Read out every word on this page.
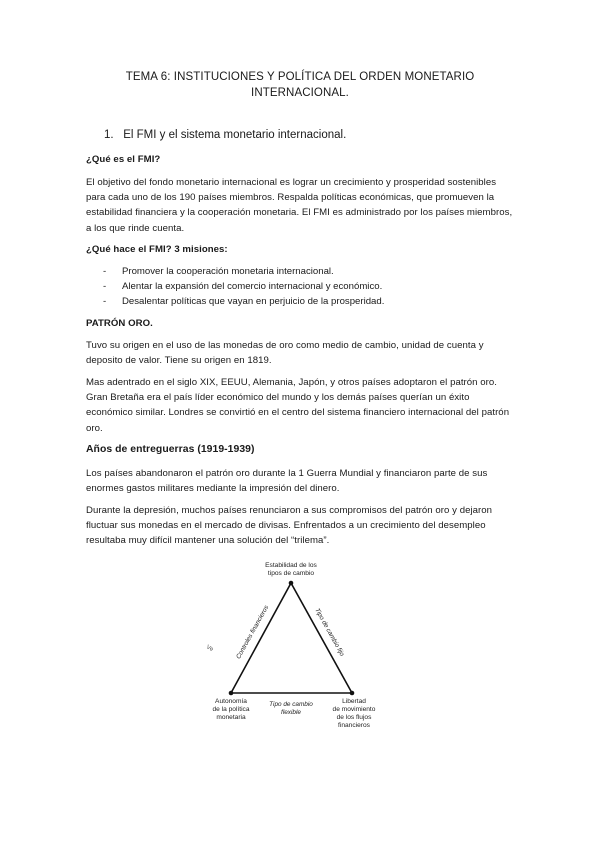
TEMA 6: INSTITUCIONES Y POLÍTICA DEL ORDEN MONETARIO
INTERNACIONAL.
1. El FMI y el sistema monetario internacional.
¿Qué es el FMI?
El objetivo del fondo monetario internacional es lograr un crecimiento y prosperidad sostenibles para cada uno de los 190 países miembros. Respalda políticas económicas, que promueven la estabilidad financiera y la cooperación monetaria. El FMI es administrado por los países miembros, a los que rinde cuenta.
¿Qué hace el FMI? 3 misiones:
- Promover la cooperación monetaria internacional.
- Alentar la expansión del comercio internacional y económico.
- Desalentar políticas que vayan en perjuicio de la prosperidad.
PATRÓN ORO.
Tuvo su origen en el uso de las monedas de oro como medio de cambio, unidad de cuenta y deposito de valor. Tiene su origen en 1819.
Mas adentrado en el siglo XIX, EEUU, Alemania, Japón, y otros países adoptaron el patrón oro. Gran Bretaña era el país líder económico del mundo y los demás países querían un éxito económico similar. Londres se convirtió en el centro del sistema financiero internacional del patrón oro.
Años de entreguerras (1919-1939)
Los países abandonaron el patrón oro durante la 1 Guerra Mundial y financiaron parte de sus enormes gastos militares mediante la impresión del dinero.
Durante la depresión, muchos países renunciaron a sus compromisos del patrón oro y dejaron fluctuar sus monedas en el mercado de divisas. Enfrentados a un crecimiento del desempleo resultaba muy difícil mantener una solución del “trilema”.
Estabilidad de los
tipos de cambio
Autonomía
de la política
monetaria
Libertad
de movimiento
de los flujos
financieros
Controles financieros	Tipo de cambio fijo
Tipo de cambio
flexible
Ve
